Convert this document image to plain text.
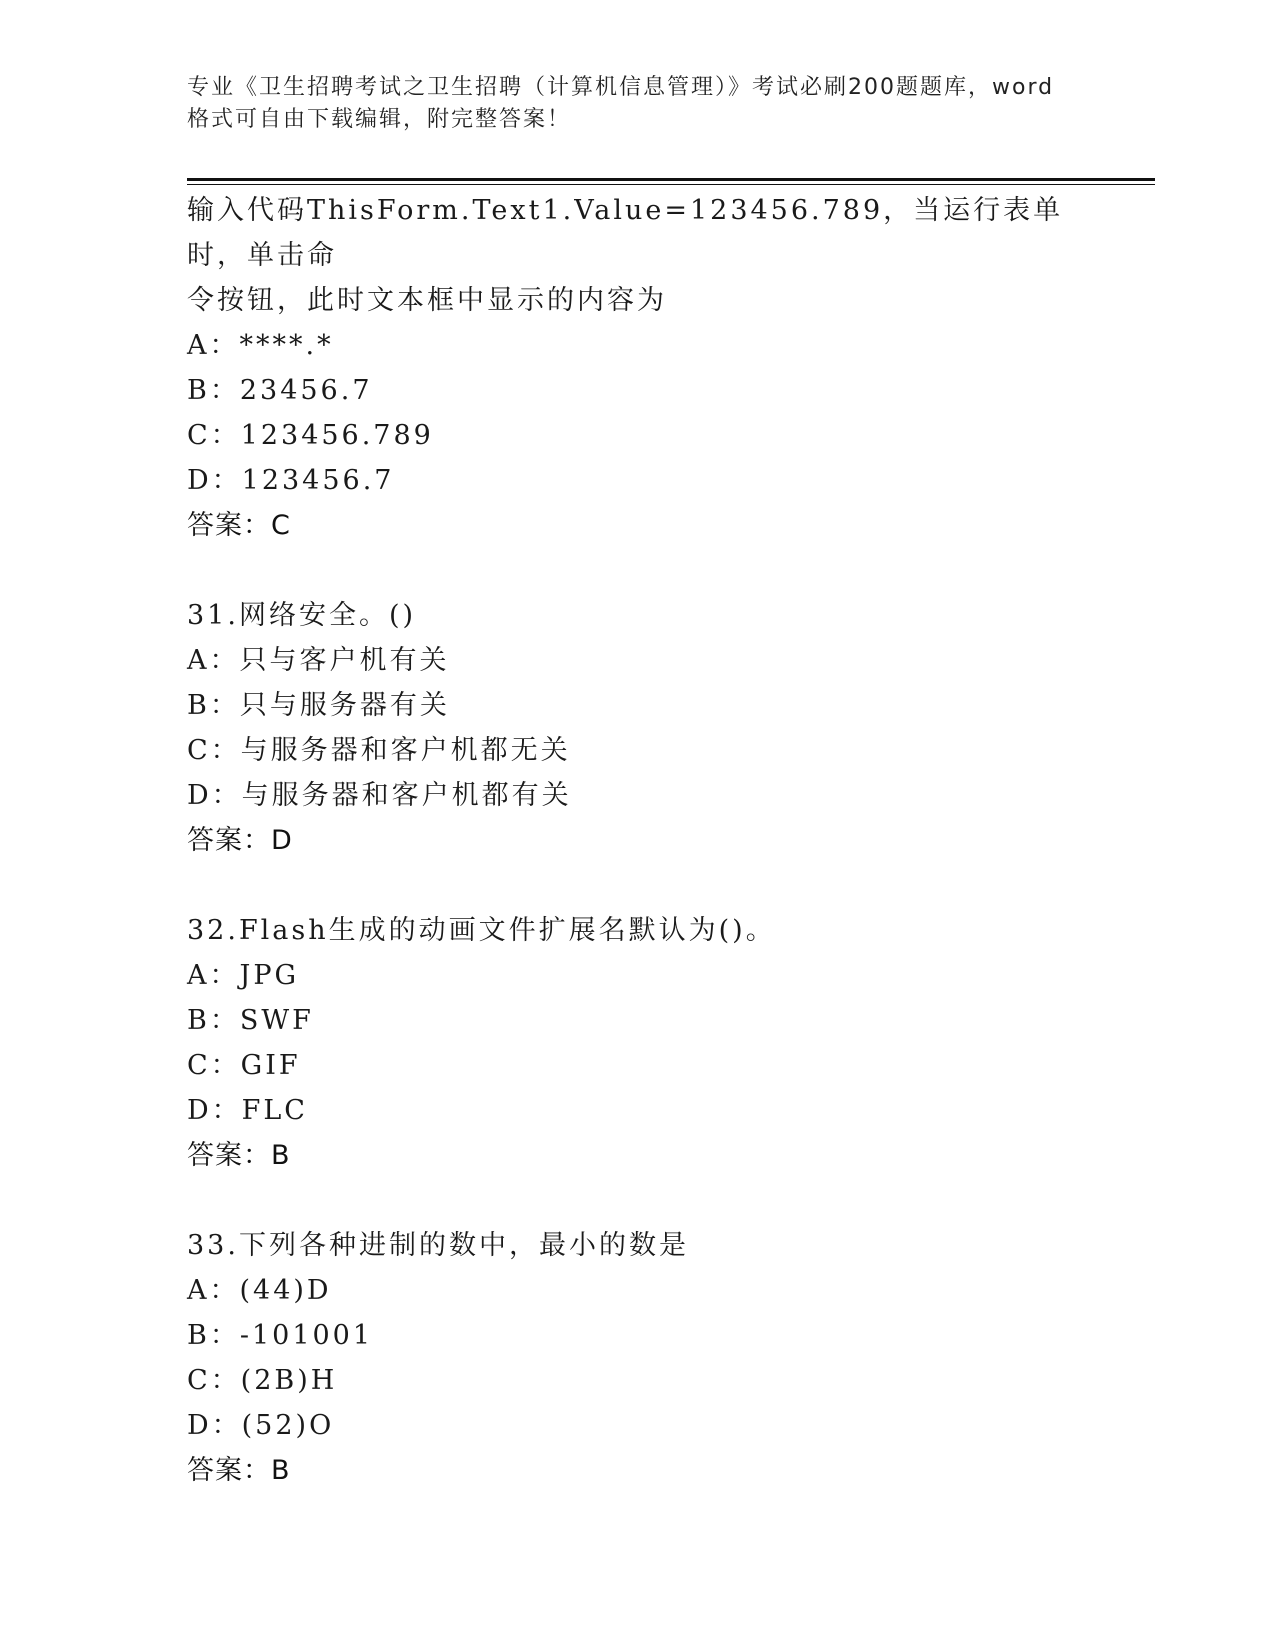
专业《卫生招聘考试之卫生招聘（计算机信息管理）》考试必刷200题题库，word
格式可自由下载编辑，附完整答案！
输入代码ThisForm.Text1.Value=123456.789，当运行表单时，单击命
令按钮，此时文本框中显示的内容为
A：****.*
B：23456.7
C：123456.789
D：123456.7
答案：C
31.网络安全。()
A：只与客户机有关
B：只与服务器有关
C：与服务器和客户机都无关
D：与服务器和客户机都有关
答案：D
32.Flash生成的动画文件扩展名默认为()。
A：JPG
B：SWF
C：GIF
D：FLC
答案：B
33.下列各种进制的数中，最小的数是
A：(44)D
B：-101001
C：(2B)H
D：(52)O
答案：B
